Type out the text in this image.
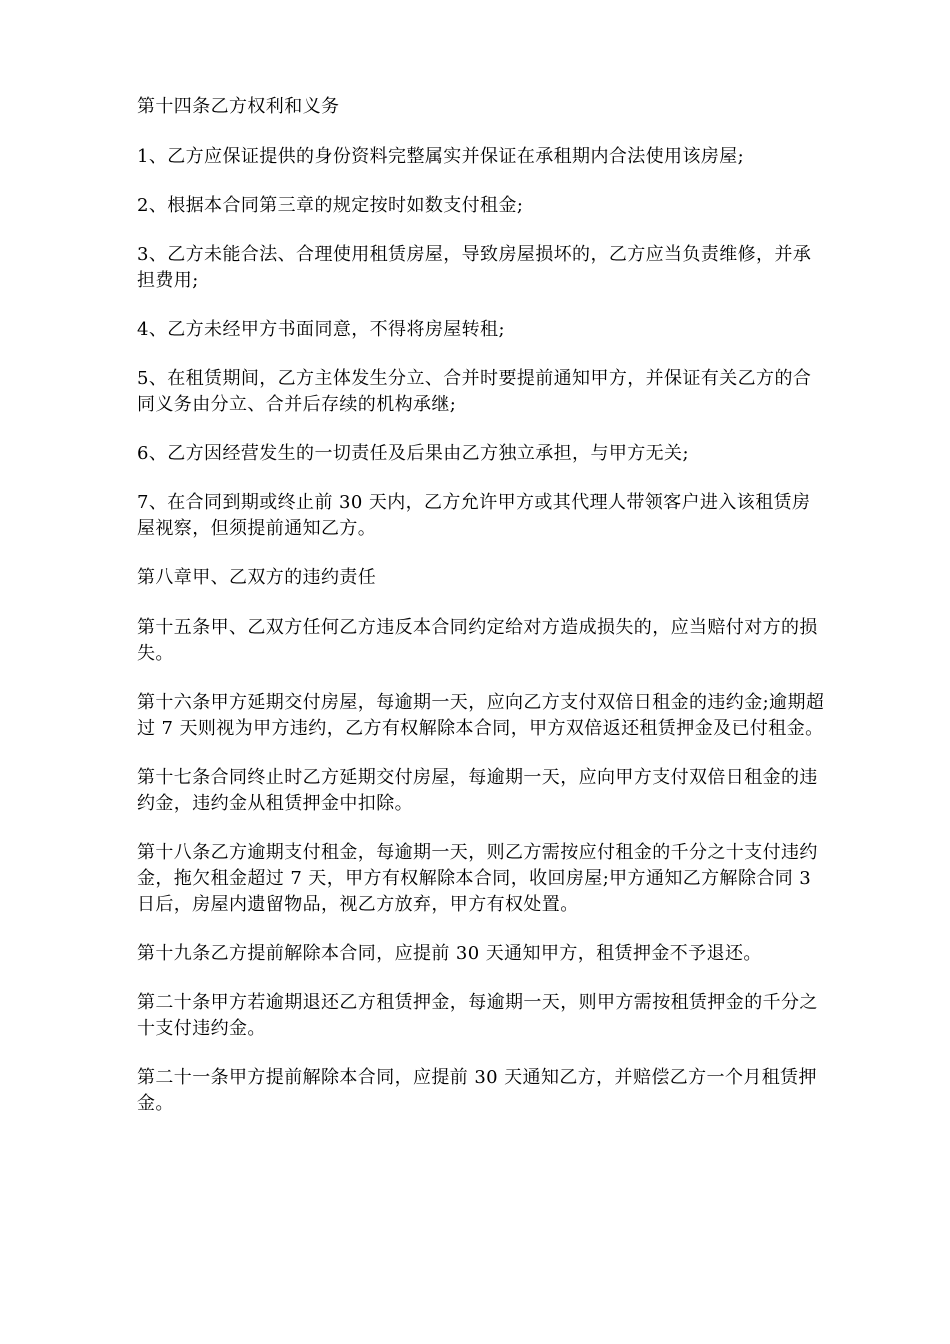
第十四条乙方权利和义务

1、乙方应保证提供的身份资料完整属实并保证在承租期内合法使用该房屋;

2、根据本合同第三章的规定按时如数支付租金;

3、乙方未能合法、合理使用租赁房屋，导致房屋损坏的，乙方应当负责维修，并承担费用;

4、乙方未经甲方书面同意，不得将房屋转租;

5、在租赁期间，乙方主体发生分立、合并时要提前通知甲方，并保证有关乙方的合同义务由分立、合并后存续的机构承继;

6、乙方因经营发生的一切责任及后果由乙方独立承担，与甲方无关;

7、在合同到期或终止前 30 天内，乙方允许甲方或其代理人带领客户进入该租赁房屋视察，但须提前通知乙方。

第八章甲、乙双方的违约责任

第十五条甲、乙双方任何乙方违反本合同约定给对方造成损失的，应当赔付对方的损失。

第十六条甲方延期交付房屋，每逾期一天，应向乙方支付双倍日租金的违约金;逾期超过 7 天则视为甲方违约，乙方有权解除本合同，甲方双倍返还租赁押金及已付租金。

第十七条合同终止时乙方延期交付房屋，每逾期一天，应向甲方支付双倍日租金的违约金，违约金从租赁押金中扣除。

第十八条乙方逾期支付租金，每逾期一天，则乙方需按应付租金的千分之十支付违约金，拖欠租金超过 7 天，甲方有权解除本合同，收回房屋;甲方通知乙方解除合同 3 日后，房屋内遗留物品，视乙方放弃，甲方有权处置。

第十九条乙方提前解除本合同，应提前 30 天通知甲方，租赁押金不予退还。

第二十条甲方若逾期退还乙方租赁押金，每逾期一天，则甲方需按租赁押金的千分之十支付违约金。

第二十一条甲方提前解除本合同，应提前 30 天通知乙方，并赔偿乙方一个月租赁押金。
